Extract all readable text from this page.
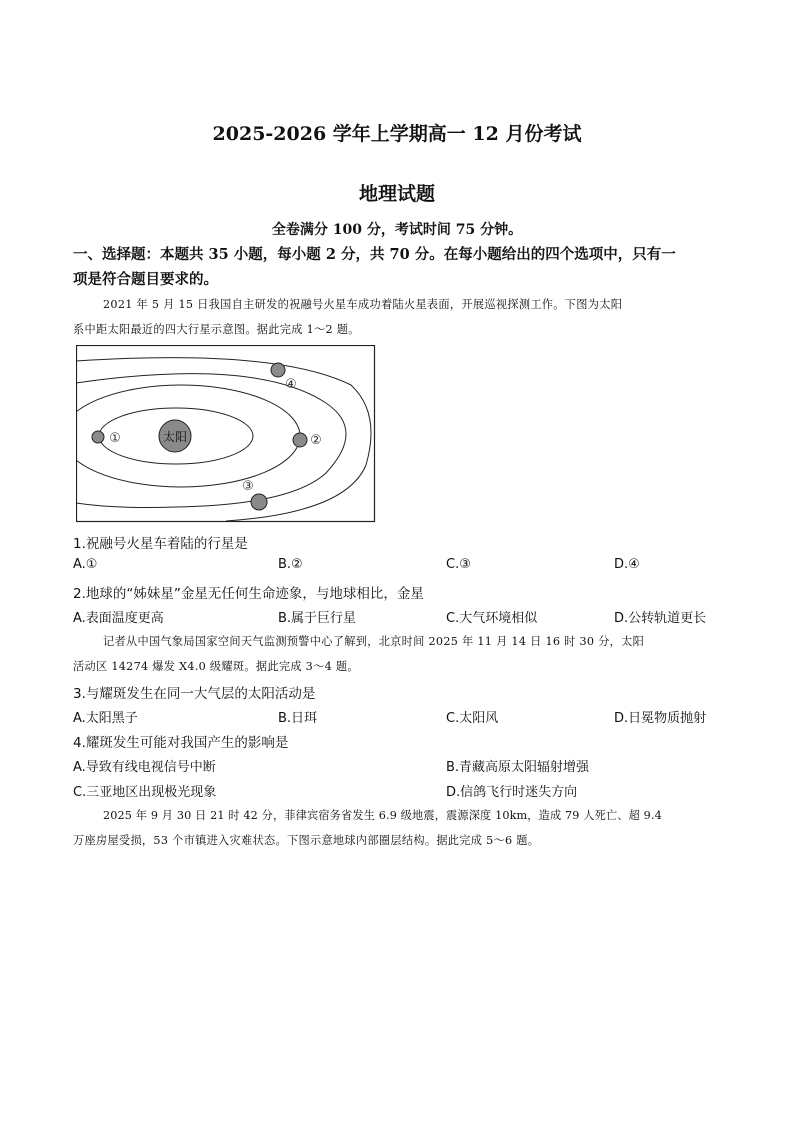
2025-2026 学年上学期高一 12 月份考试
地理试题
全卷满分 100 分，考试时间 75 分钟。
一、选择题：本题共 35 小题，每小题 2 分，共 70 分。在每小题给出的四个选项中，只有一
项是符合题目要求的。
2021 年 5 月 15 日我国自主研发的祝融号火星车成功着陆火星表面，开展巡视探测工作。下图为太阳
系中距太阳最近的四大行星示意图。据此完成 1～2 题。
太阳
①	②
③
④
1.祝融号火星车着陆的行星是
A.①	B.②	C.③	D.④
2.地球的“姊妹星”金星无任何生命迹象，与地球相比，金星
A.表面温度更高	B.属于巨行星	C.大气环境相似	D.公转轨道更长
记者从中国气象局国家空间天气监测预警中心了解到，北京时间 2025 年 11 月 14 日 16 时 30 分，太阳
活动区 14274 爆发 X4.0 级耀斑。据此完成 3～4 题。
3.与耀斑发生在同一大气层的太阳活动是
A.太阳黑子	B.日珥	C.太阳风	D.日冕物质抛射
4.耀斑发生可能对我国产生的影响是
A.导致有线电视信号中断	B.青藏高原太阳辐射增强
C.三亚地区出现极光现象	D.信鸽飞行时迷失方向
2025 年 9 月 30 日 21 时 42 分，菲律宾宿务省发生 6.9 级地震，震源深度 10km，造成 79 人死亡、超 9.4
万座房屋受损，53 个市镇进入灾难状态。下图示意地球内部圈层结构。据此完成 5～6 题。
